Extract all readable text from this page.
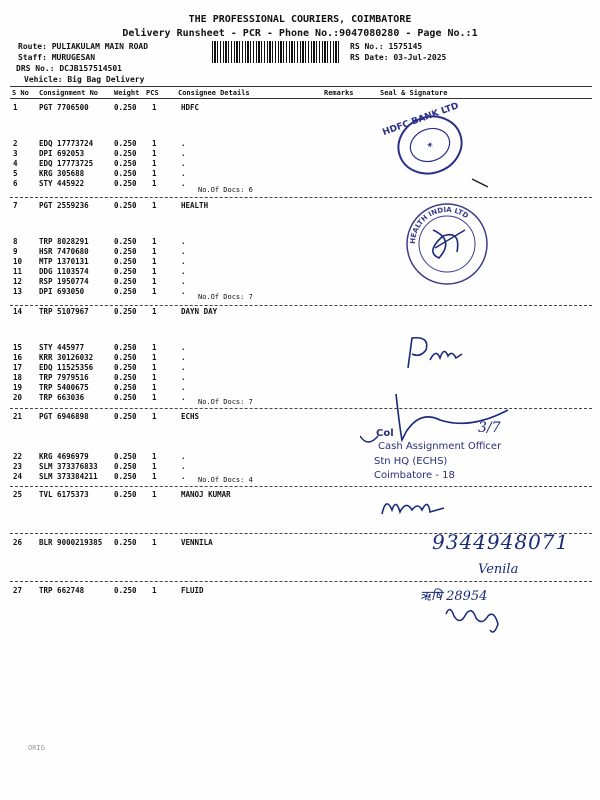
THE PROFESSIONAL COURIERS, COIMBATORE
Delivery Runsheet - PCR - Phone No.:9047080280 - Page No.:1
Route: PULIAKULAM MAIN ROAD
Staff: MURUGESAN
DRS No.: DCJB157514501
Vehicle: Big Bag Delivery
RS No.: 1575145
RS Date: 03-Jul-2025
S No Consignment No Weight PCS	Consignee Details	Remarks	Seal & Signature
1	PGT 7706500	0.250 1	HDFC
2	EDQ 17773724	0.250 1	.
3	DPI 692053	0.250 1	.
4	EDQ 17773725	0.250 1	.
5	KRG 305688	0.250 1	.
6	STY 445922	0.250 1	.
No.Of Docs: 6
7	PGT 2559236	0.250 1	HEALTH
8	TRP 8028291	0.250 1	.
9	HSR 7470680	0.250 1	.
10 MTP 1370131	0.250 1	.
11 DDG 1103574	0.250 1	.
12 RSP 1950774	0.250 1	.
13 DPI 693050	0.250 1	.
No.Of Docs: 7
14 TRP 5107967	0.250 1	DAYN DAY
15 STY 445977	0.250 1	.
16 KRR 30126032	0.250 1	.
17 EDQ 11525356	0.250 1	.
18 TRP 7979516	0.250 1	.
19 TRP 5400675	0.250 1	.
20 TRP 663036	0.250 1	. No.Of Docs: 7
21 PGT 6946898	0.250 1	ECHS
22 KRG 4696979	0.250 1	.
23 SLM 373376833 0.250 1	.
24 SLM 373384211 0.250 1	. No.Of Docs: 4
25 TVL 6175373	0.250 1	MANOJ KUMAR
26 BLR 9000219385 0.250 1	VENNILA
27 TRP 662748	0.250 1	FLUID
HDFC BANK LTD
✶
HEALTH INDIA LTD
Col
Cash Assignment Officer
Stn HQ (ECHS)
Coimbatore - 18
3/7
9344948071
Venila
ऋषि 28954
ORIG
